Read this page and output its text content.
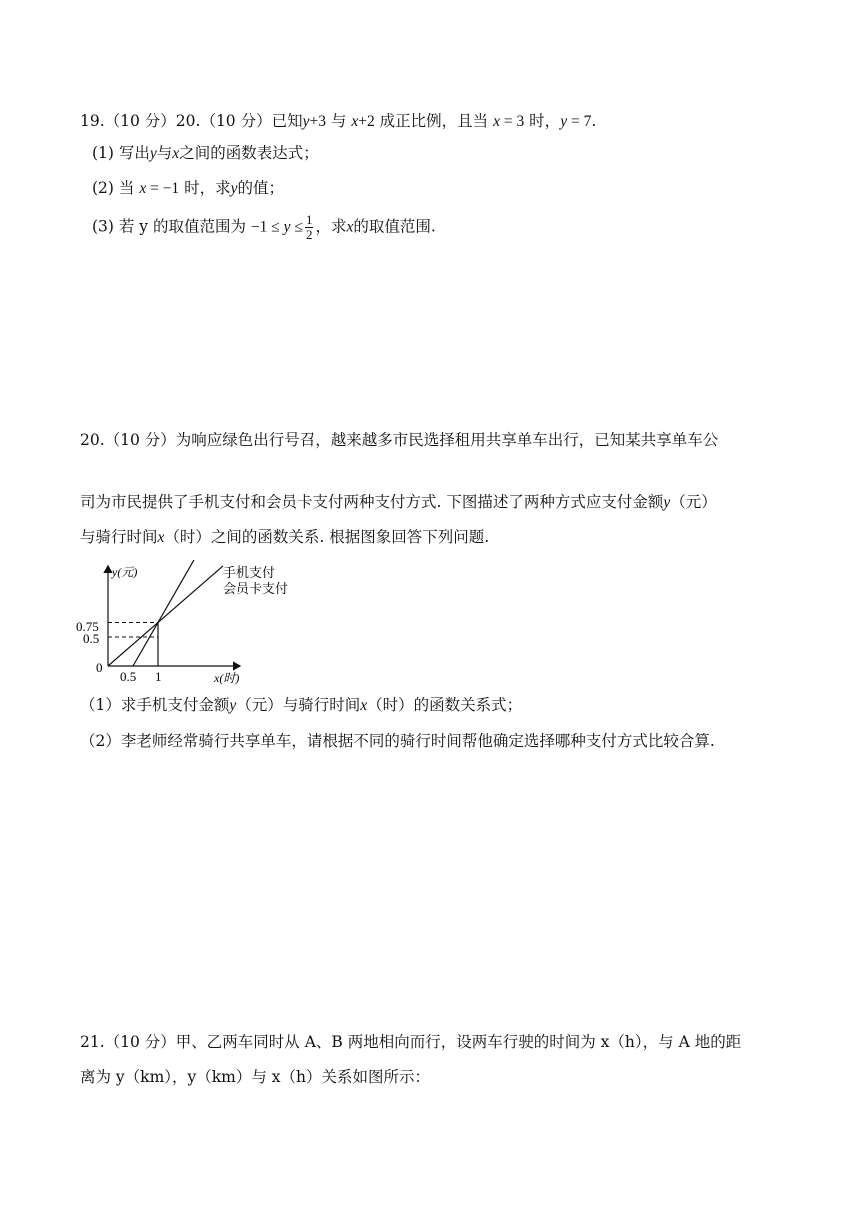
19.（10 分）20.（10 分）已知y+3 与 x+2 成正比例，且当 x = 3 时，y = 7.
(1) 写出y与x之间的函数表达式；
(2) 当 x = −1 时，求y的值；
(3) 若 y 的取值范围为 $-1 \le y \le \frac{1}{2}$ ，求x的取值范围.
20.（10 分）为响应绿色出行号召，越来越多市民选择租用共享单车出行，已知某共享单车公
司为市民提供了手机支付和会员卡支付两种支付方式. 下图描述了两种方式应支付金额y（元）
与骑行时间x（时）之间的函数关系. 根据图象回答下列问题.
y(元)
x(时)
0
0.75
0.5
0.5 1
手机支付
会员卡支付
（1）求手机支付金额y（元）与骑行时间x（时）的函数关系式；
（2）李老师经常骑行共享单车，请根据不同的骑行时间帮他确定选择哪种支付方式比较合算.
21.（10 分）甲、乙两车同时从 A、B 两地相向而行，设两车行驶的时间为 x（h），与 A 地的距
离为 y（km），y（km）与 x（h）关系如图所示：
